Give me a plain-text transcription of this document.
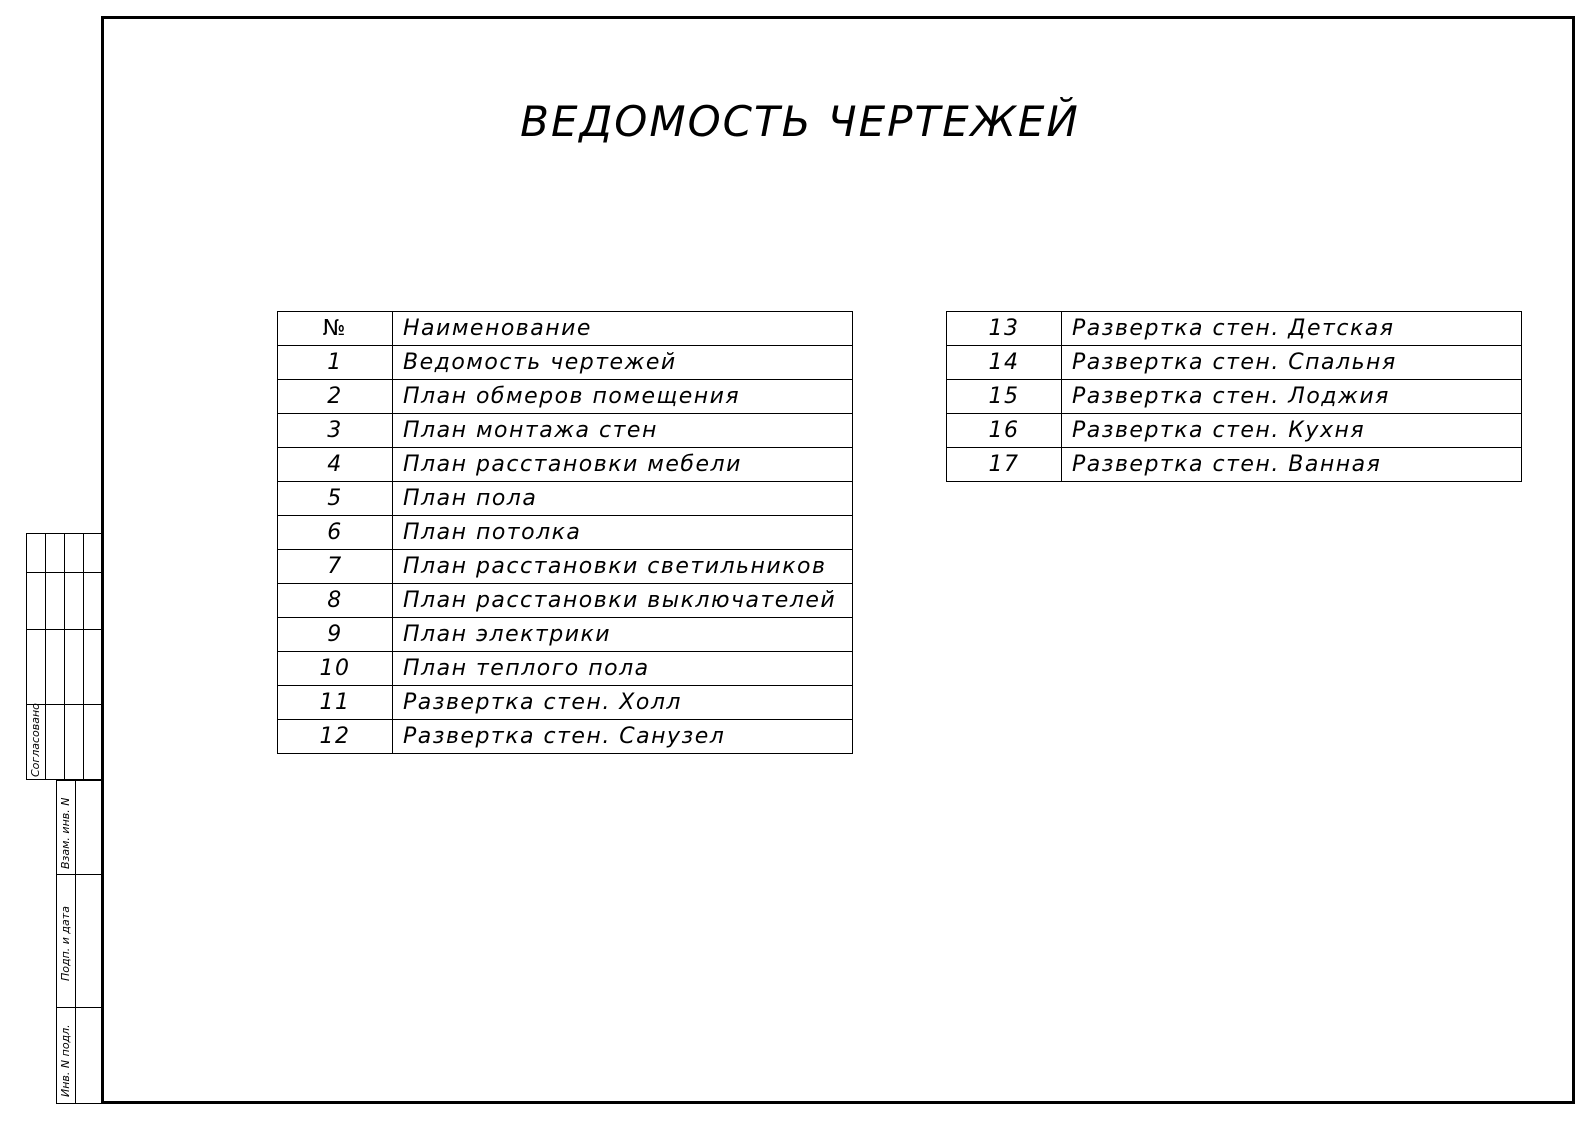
ВЕДОМОСТЬ ЧЕРТЕЖЕЙ
№	Наименование
1	Ведомость чертежей
2	План обмеров помещения
3	План монтажа стен
4	План расстановки мебели
5	План пола
6	План потолка
7	План расстановки светильников
8	План расстановки выключателей
9	План электрики
10	План теплого пола
11	Развертка стен. Холл
12	Развертка стен. Санузел
13	Развертка стен. Детская
14	Развертка стен. Спальня
15	Развертка стен. Лоджия
16	Развертка стен. Кухня
17	Развертка стен. Ванная
Согласовано
Взам. инв. N
Подп. и дата
Инв. N подл.
